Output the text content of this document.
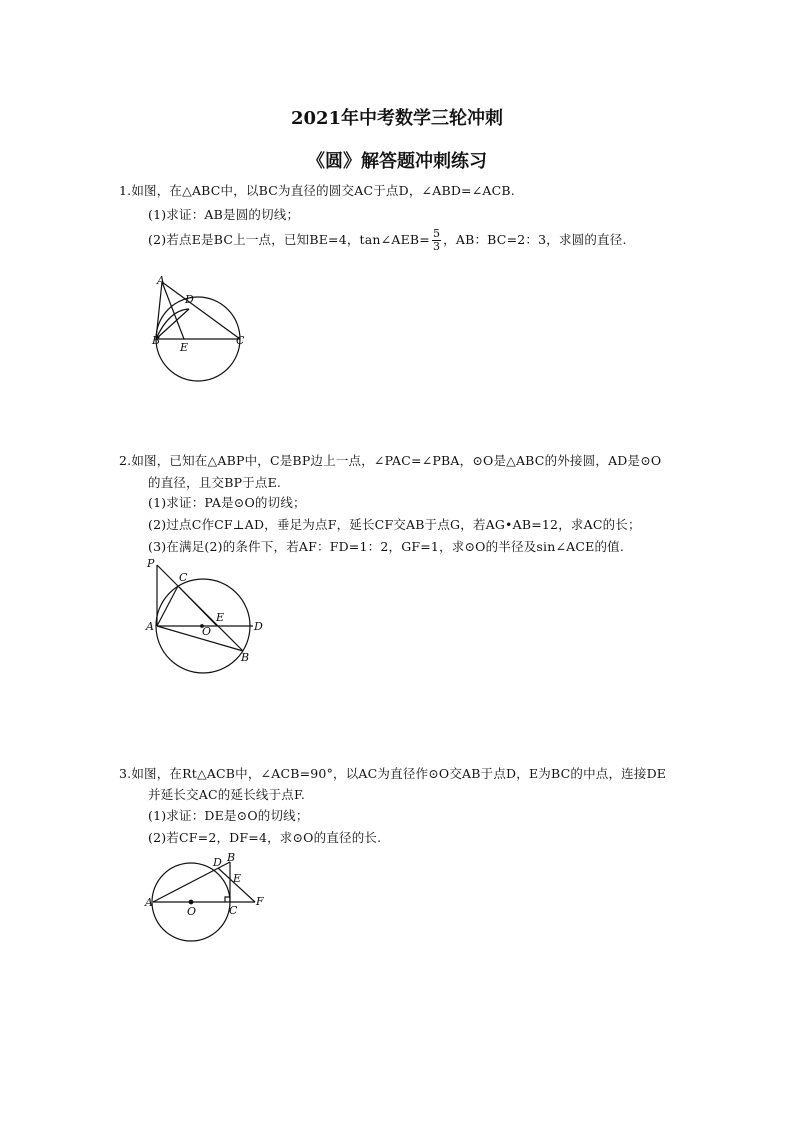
2021年中考数学三轮冲刺
《圆》解答题冲刺练习
1.如图，在△ABC中，以BC为直径的圆交AC于点D，∠ABD=∠ACB.
(1)求证：AB是圆的切线；
(2)若点E是BC上一点，已知BE=4，tan∠AEB= $\frac{5}{3}$ ，AB：BC=2：3，求圆的直径.
A
D
B
E
C
2.如图，已知在△ABP中，C是BP边上一点，∠PAC=∠PBA，⊙O是△ABC的外接圆，AD是⊙O
的直径，且交BP于点E.
(1)求证：PA是⊙O的切线；
(2)过点C作CF⊥AD，垂足为点F，延长CF交AB于点G，若AG•AB=12，求AC的长；
(3)在满足(2)的条件下，若AF：FD=1：2，GF=1，求⊙O的半径及sin∠ACE的值.
P
C
A
E
O	D
B
3.如图，在Rt△ACB中，∠ACB=90°，以AC为直径作⊙O交AB于点D，E为BC的中点，连接DE
并延长交AC的延长线于点F.
(1)求证：DE是⊙O的切线；
(2)若CF=2，DF=4，求⊙O的直径的长.
D B
E
A
O	C
F
